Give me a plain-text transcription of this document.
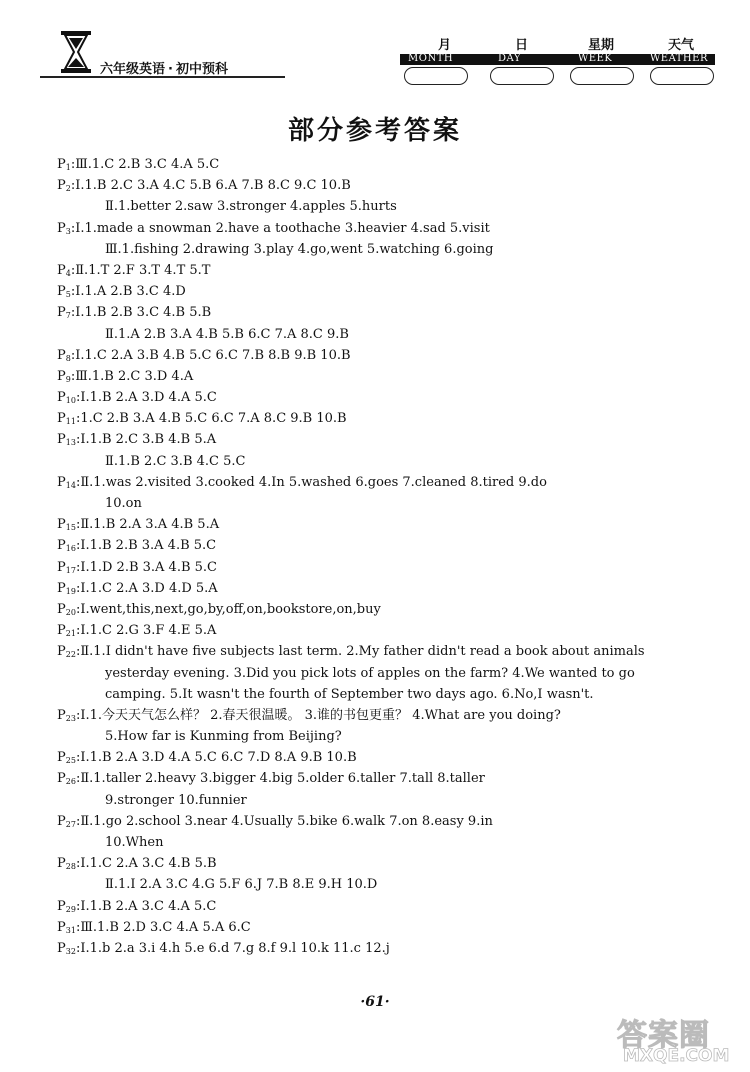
六年级英语 · 初中预科
月	日	星期	天气
MONTH	DAY	WEEK	WEATHER
部分参考答案
$P_1:Ⅲ.1.C$ 2.B 3.C 4.A 5.C
$P_2:Ⅰ.1.B$ 2.C 3.A 4.C 5.B 6.A 7.B 8.C 9.C 10.B
Ⅱ.1.better 2.saw 3.stronger 4.apples 5.hurts
$P_3:Ⅰ.1.made$ a snowman 2.have a toothache 3.heavier 4.sad 5.visit
Ⅲ.1.fishing 2.drawing 3.play 4.go,went 5.watching 6.going
$P_4:Ⅱ.1.T$ 2.F 3.T 4.T 5.T
$P_5:Ⅰ.1.A$ 2.B 3.C 4.D
$P_7:Ⅰ.1.B$ 2.B 3.C 4.B 5.B
Ⅱ.1.A 2.B 3.A 4.B 5.B 6.C 7.A 8.C 9.B
$P_8:Ⅰ.1.C$ 2.A 3.B 4.B 5.C 6.C 7.B 8.B 9.B 10.B
$P_9:Ⅲ.1.B$ 2.C 3.D 4.A
$P_{10}:Ⅰ.1.B$ 2.A 3.D 4.A 5.C
$P_{11}:1.C$ 2.B 3.A 4.B 5.C 6.C 7.A 8.C 9.B 10.B
$P_{13}:Ⅰ.1.B$ 2.C 3.B 4.B 5.A
Ⅱ.1.B 2.C 3.B 4.C 5.C
$P_{14}:Ⅱ.1.was$ 2.visited 3.cooked 4.In 5.washed 6.goes 7.cleaned 8.tired 9.do
10.on
$P_{15}:Ⅱ.1.B$ 2.A 3.A 4.B 5.A
$P_{16}:Ⅰ.1.B$ 2.B 3.A 4.B 5.C
$P_{17}:Ⅰ.1.D$ 2.B 3.A 4.B 5.C
$P_{19}:Ⅰ.1.C$ 2.A 3.D 4.D 5.A
$P_{20}:Ⅰ.went,this,next,go,by,off,on,bookstore,on,buy$
$P_{21}:Ⅰ.1.C$ 2.G 3.F 4.E 5.A
$P_{22}:Ⅱ.1.I$ didn't have five subjects last term. 2.My father didn't read a book about animals
yesterday evening. 3.Did you pick lots of apples on the farm? 4.We wanted to go
camping. 5.It wasn't the fourth of September two days ago. 6.No,I wasn't.
$P_{23}:Ⅰ.1$.今天天气怎么样？ 2.春天很温暖。 3.谁的书包更重？ 4.What are you doing?
5.How far is Kunming from Beijing?
$P_{25}:Ⅰ.1.B$ 2.A 3.D 4.A 5.C 6.C 7.D 8.A 9.B 10.B
$P_{26}:Ⅱ.1.taller$ 2.heavy 3.bigger 4.big 5.older 6.taller 7.tall 8.taller
9.stronger 10.funnier
$P_{27}:Ⅱ.1.go$ 2.school 3.near 4.Usually 5.bike 6.walk 7.on 8.easy 9.in
10.When
$P_{28}:Ⅰ.1.C$ 2.A 3.C 4.B 5.B
Ⅱ.1.I 2.A 3.C 4.G 5.F 6.J 7.B 8.E 9.H 10.D
$P_{29}:Ⅰ.1.B$ 2.A 3.C 4.A 5.C
$P_{31}:Ⅲ.1.B$ 2.D 3.C 4.A 5.A 6.C
$P_{32}:Ⅰ.1.b$ 2.a 3.i 4.h 5.e 6.d 7.g 8.f 9.l 10.k 11.c 12.j
·61·
答案圈
MXQE.COM
